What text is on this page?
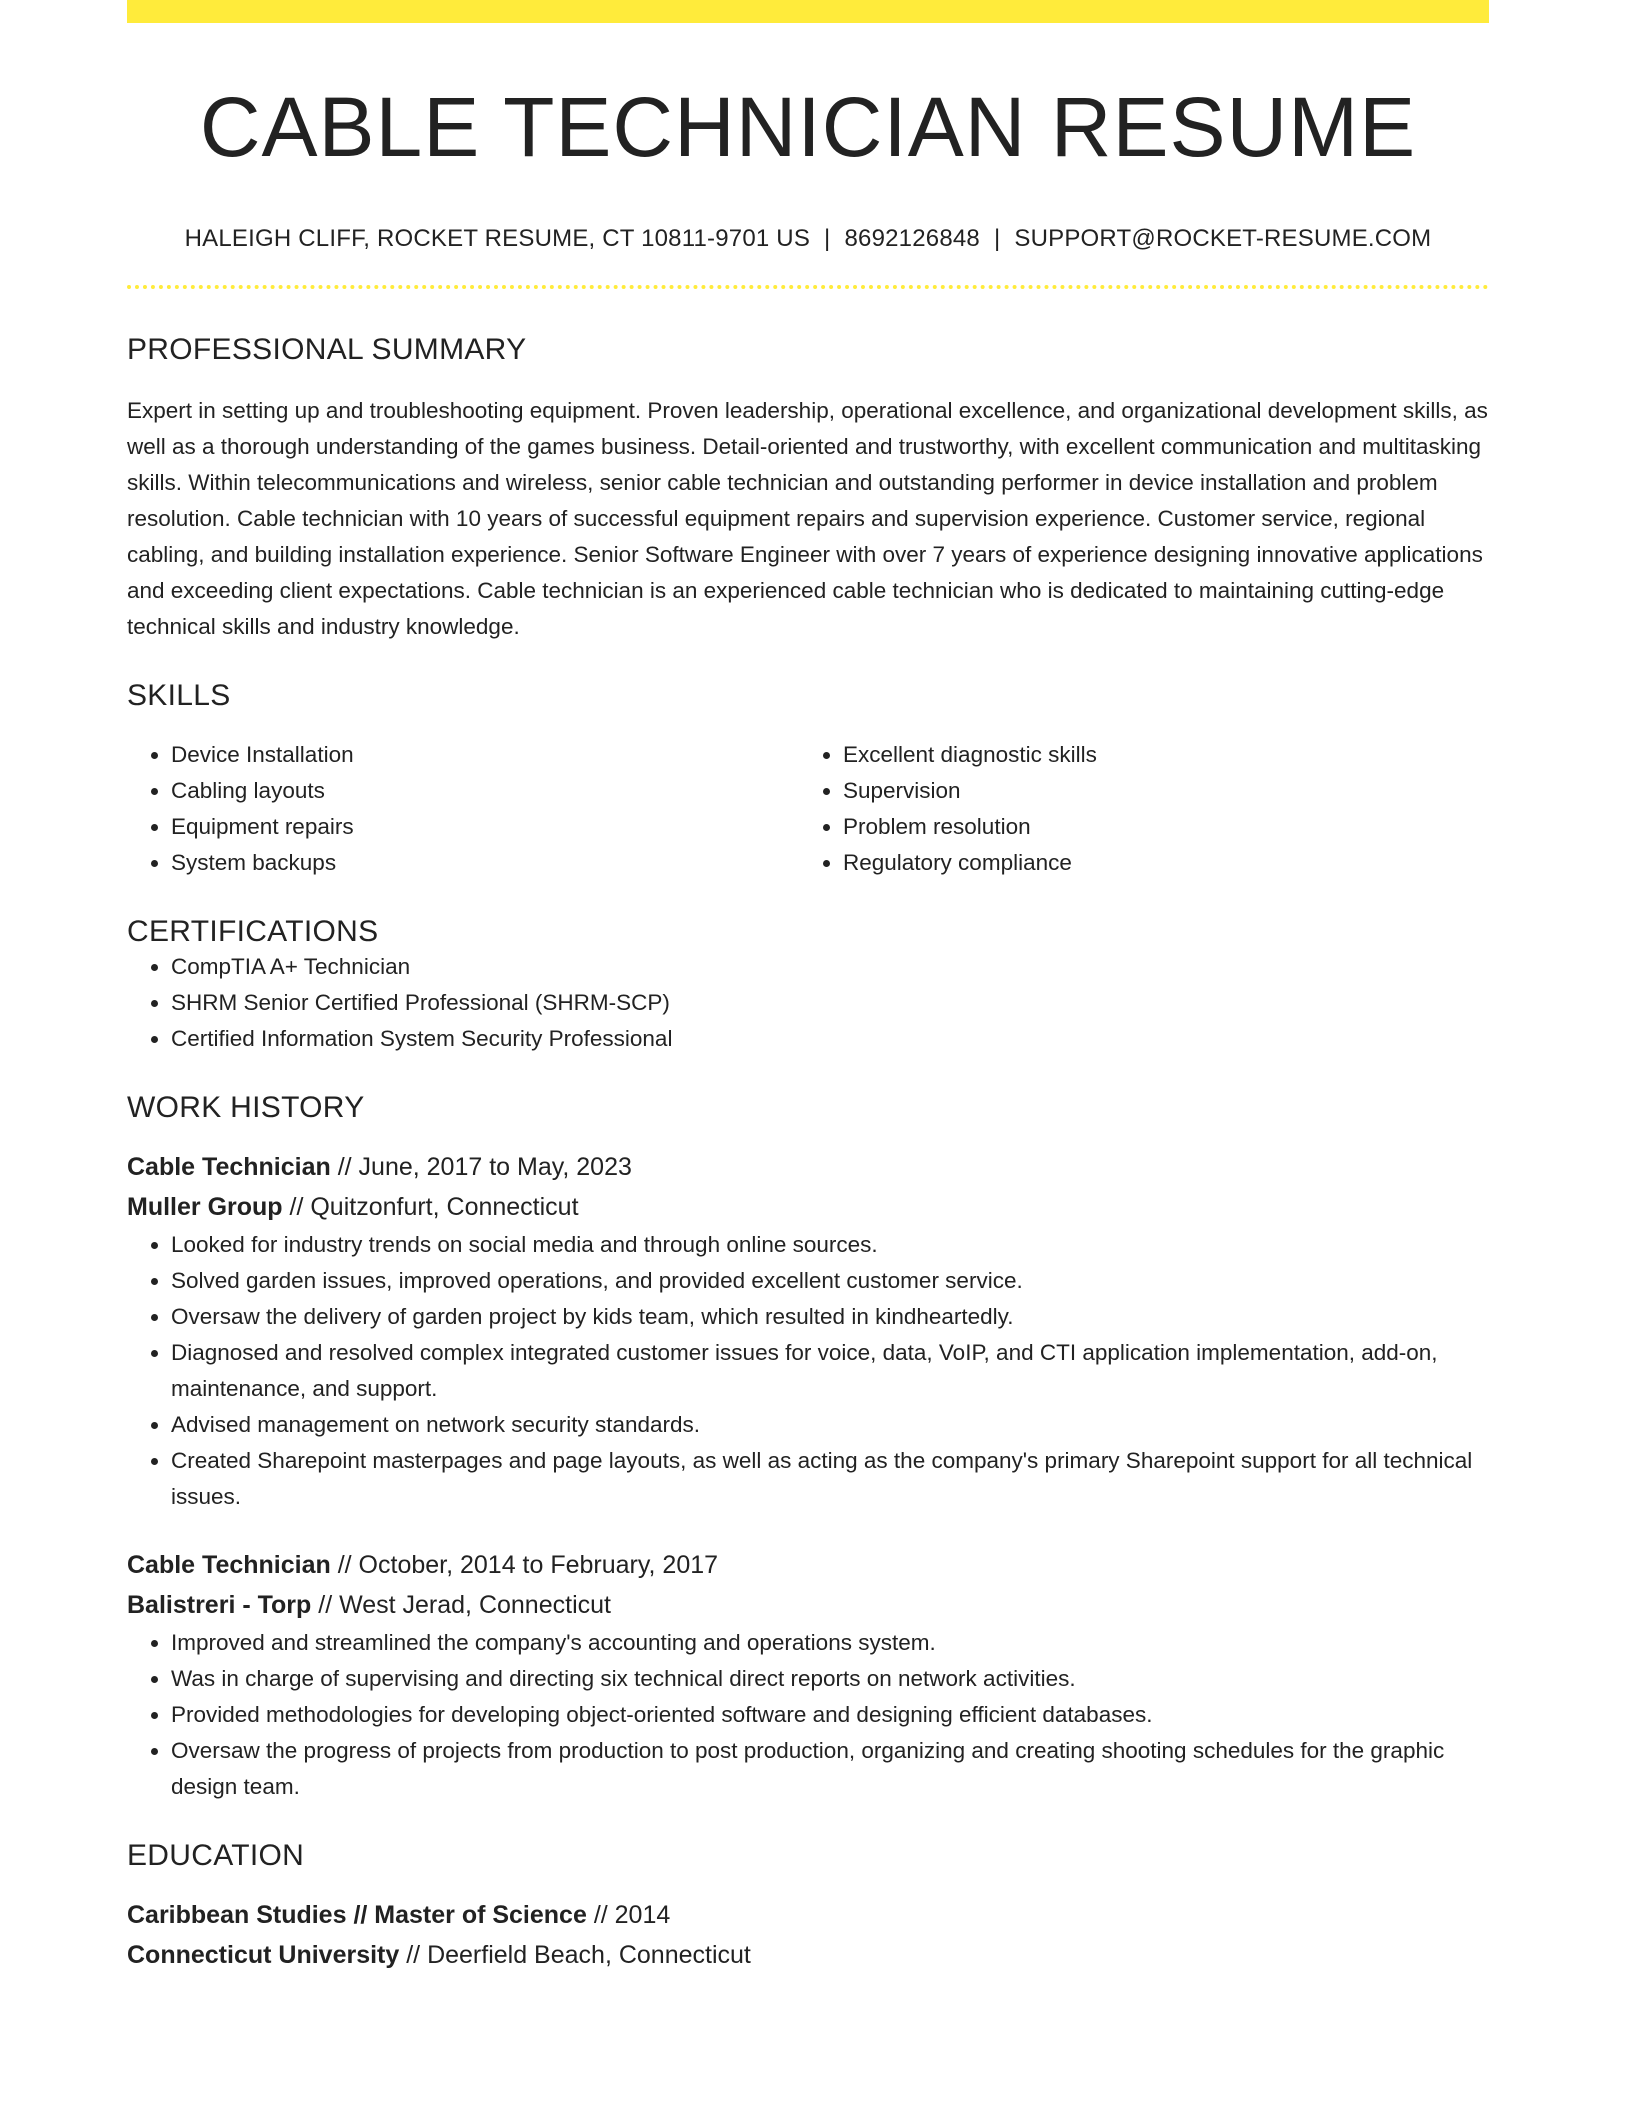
CABLE TECHNICIAN RESUME
HALEIGH CLIFF, ROCKET RESUME, CT 10811-9701 US | 8692126848 | SUPPORT@ROCKET-RESUME.COM
PROFESSIONAL SUMMARY

Expert in setting up and troubleshooting equipment. Proven leadership, operational excellence, and organizational development skills, as well as a thorough understanding of the games business. Detail-oriented and trustworthy, with excellent communication and multitasking skills. Within telecommunications and wireless, senior cable technician and outstanding performer in device installation and problem resolution. Cable technician with 10 years of successful equipment repairs and supervision experience. Customer service, regional cabling, and building installation experience. Senior Software Engineer with over 7 years of experience designing innovative applications and exceeding client expectations. Cable technician is an experienced cable technician who is dedicated to maintaining cutting-edge technical skills and industry knowledge.

SKILLS
• Device Installation
• Cabling layouts
• Equipment repairs
• System backups
• Excellent diagnostic skills
• Supervision
• Problem resolution
• Regulatory compliance
CERTIFICATIONS
• CompTIA A+ Technician
• SHRM Senior Certified Professional (SHRM-SCP)
• Certified Information System Security Professional
WORK HISTORY
Cable Technician // June, 2017 to May, 2023
Muller Group // Quitzonfurt, Connecticut
• Looked for industry trends on social media and through online sources.
• Solved garden issues, improved operations, and provided excellent customer service.
• Oversaw the delivery of garden project by kids team, which resulted in kindheartedly.
• Diagnosed and resolved complex integrated customer issues for voice, data, VoIP, and CTI application implementation, add-on, maintenance, and support.
• Advised management on network security standards.
• Created Sharepoint masterpages and page layouts, as well as acting as the company's primary Sharepoint support for all technical issues.
Cable Technician // October, 2014 to February, 2017
Balistreri - Torp // West Jerad, Connecticut
• Improved and streamlined the company's accounting and operations system.
• Was in charge of supervising and directing six technical direct reports on network activities.
• Provided methodologies for developing object-oriented software and designing efficient databases.
• Oversaw the progress of projects from production to post production, organizing and creating shooting schedules for the graphic design team.
EDUCATION
Caribbean Studies // Master of Science // 2014
Connecticut University // Deerfield Beach, Connecticut
